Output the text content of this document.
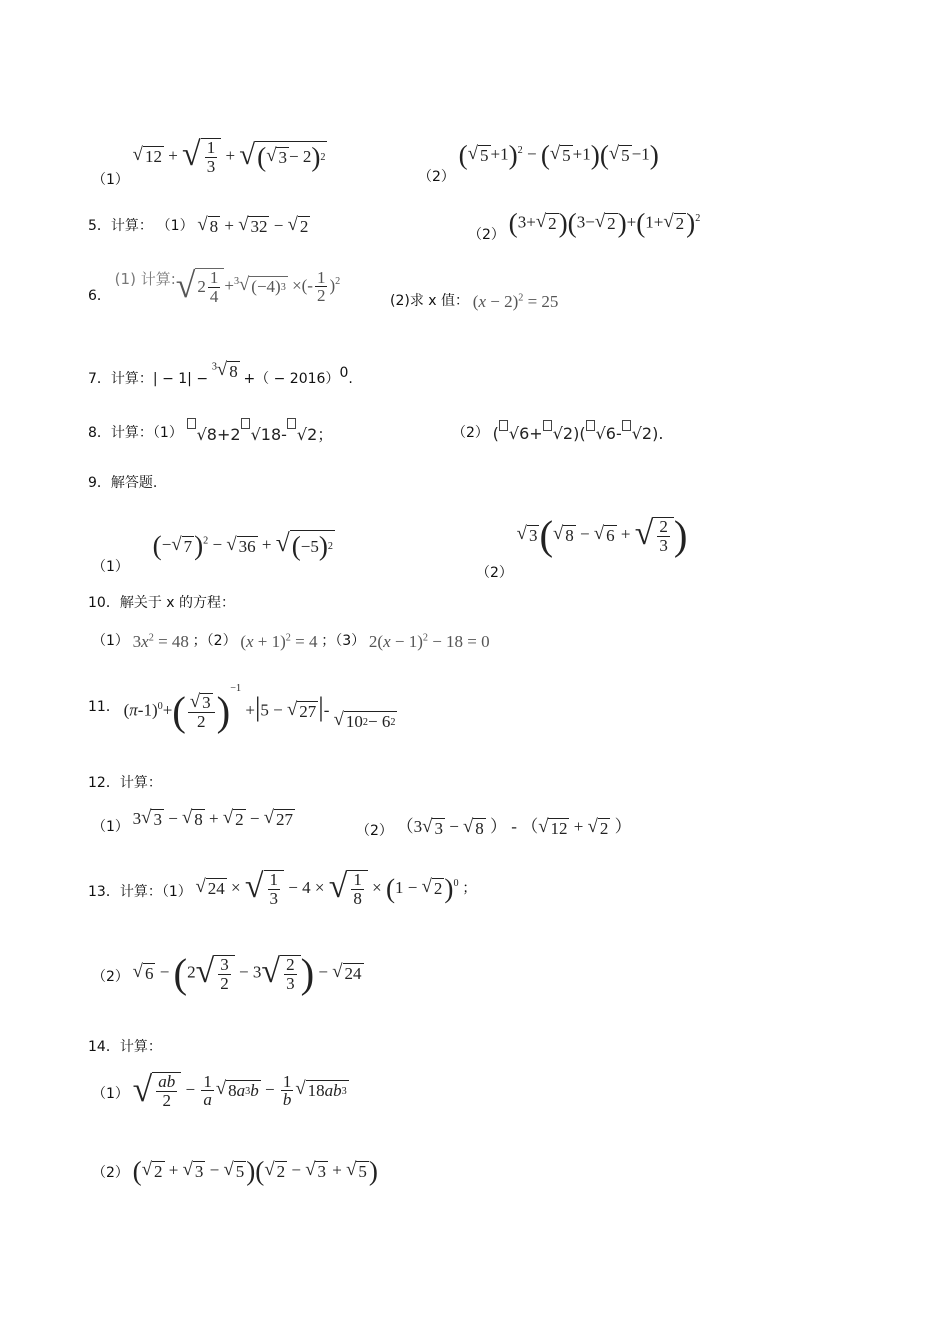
（1）
√ 12 + √ $\frac{1}{3}$ + √ ( √ 3 − 2 ) 2
（2） ( √ 5 +1)$^2$ − ( √ 5 +1)( √ 5 −1)
5．计算： （1） √ 8 + √ 32 − √ 2	（2） (3+ √ 2 )(3− √ 2 )+(1+ √ 2 )$^2$
6． (1) 计算: √ $2 \frac{1}{4} +^3$ √ (−4) 3 ×(- $\frac{1}{2} )^2$
(2)求 x 值： $(x - 2)^2 = 25$
7．计算：| − 1| − $^3$ √ 8 +（ − 2016）$^0$.
8．计算：（1） √8+2 √18- √2；	（2） ( √6+ √2)( √6- √2).
9．解答题.
（1） (− √ 7 )$^2$ − √ 36 + √ ( −5 ) 2
（2）
√ 3 ( √ 8 − √ 6 + √ $\frac{2}{3}$ )
10．解关于 x 的方程：
（1） $3x^2 = 48$ ；（2） $(x + 1)^2 = 4$ ；（3） $2(x - 1)^2 - 18 = 0$
11． $(\pi-1)^0+( \frac{√ 3}{2} )^{-1} +|5$ − √ 27 |- √ 10 2 − 6 2
12．计算：
（1） 3 √ 3 − √ 8 + √ 2 − √ 27
（2） （3 √ 3 − √ 8 ） - （ √ 12 + √ 2 ）
13．计算：（1） √ 24 × √ $\frac{1}{3} - 4$ × √ $\frac{1}{8} \times (1$ − √ 2 )$^0$ ；
（2） √ 6 − (2 √ $\frac{3}{2} - 3$ √ $\frac{2}{3}$ ) − √ 24
14．计算：
（1） √ $\frac{ab}{2} - \frac{1}{a}$ √ 8 a 3 $b - \frac{1}{b}$ √ 18 ab 3
（2） ( √ 2 + √ 3 − √ 5 )( √ 2 − √ 3 + √ 5 )
